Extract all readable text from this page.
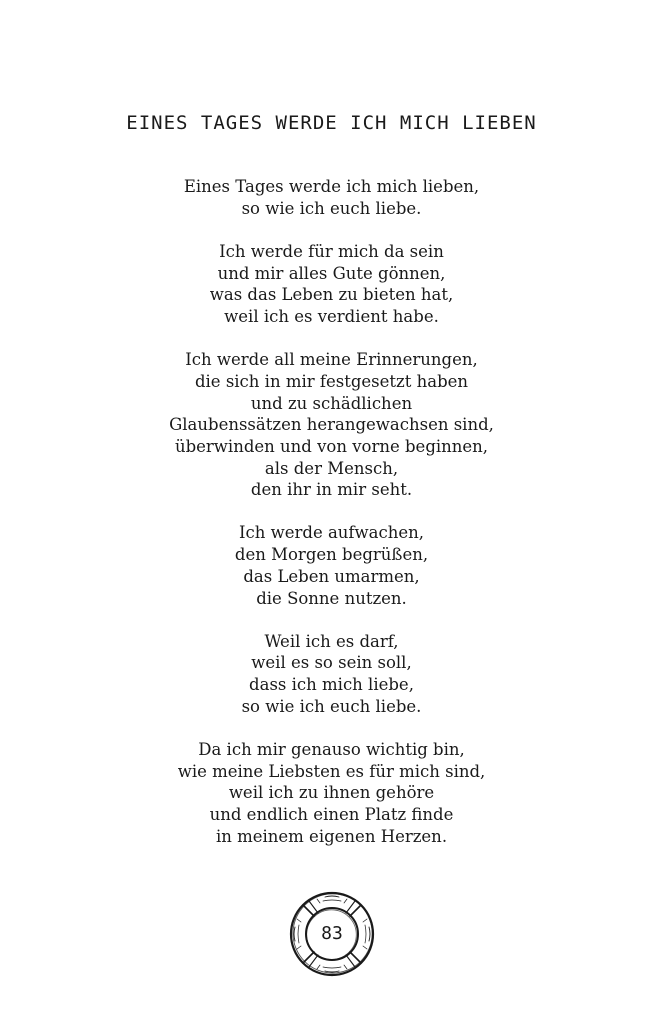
EINES TAGES WERDE ICH MICH LIEBEN
Eines Tages werde ich mich lieben,
so wie ich euch liebe.
Ich werde für mich da sein
und mir alles Gute gönnen,
was das Leben zu bieten hat,
weil ich es verdient habe.
Ich werde all meine Erinnerungen,
die sich in mir festgesetzt haben
und zu schädlichen
Glaubenssätzen herangewachsen sind,
überwinden und von vorne beginnen,
als der Mensch,
den ihr in mir seht.
Ich werde aufwachen,
den Morgen begrüßen,
das Leben umarmen,
die Sonne nutzen.
Weil ich es darf,
weil es so sein soll,
dass ich mich liebe,
so wie ich euch liebe.
Da ich mir genauso wichtig bin,
wie meine Liebsten es für mich sind,
weil ich zu ihnen gehöre
und endlich einen Platz finde
in meinem eigenen Herzen.
83
